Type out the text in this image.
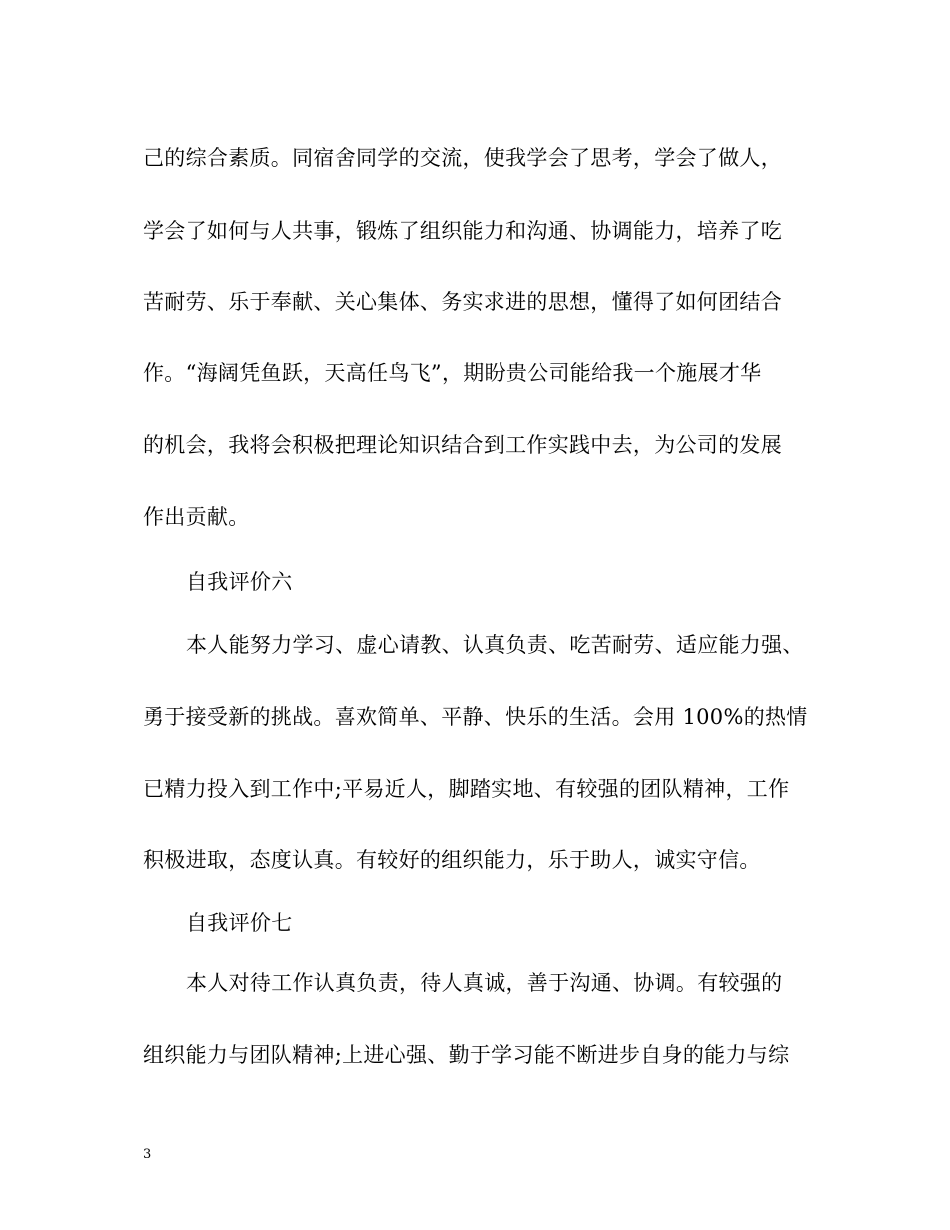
己的综合素质。同宿舍同学的交流，使我学会了思考，学会了做人，
学会了如何与人共事，锻炼了组织能力和沟通、协调能力，培养了吃
苦耐劳、乐于奉献、关心集体、务实求进的思想，懂得了如何团结合
作。“海阔凭鱼跃，天高任鸟飞”，期盼贵公司能给我一个施展才华
的机会，我将会积极把理论知识结合到工作实践中去，为公司的发展
作出贡献。
自我评价六
本人能努力学习、虚心请教、认真负责、吃苦耐劳、适应能力强、
勇于接受新的挑战。喜欢简单、平静、快乐的生活。会用 100%的热情
已精力投入到工作中;平易近人，脚踏实地、有较强的团队精神，工作
积极进取，态度认真。有较好的组织能力，乐于助人，诚实守信。
自我评价七
本人对待工作认真负责，待人真诚，善于沟通、协调。有较强的
组织能力与团队精神;上进心强、勤于学习能不断进步自身的能力与综
3
